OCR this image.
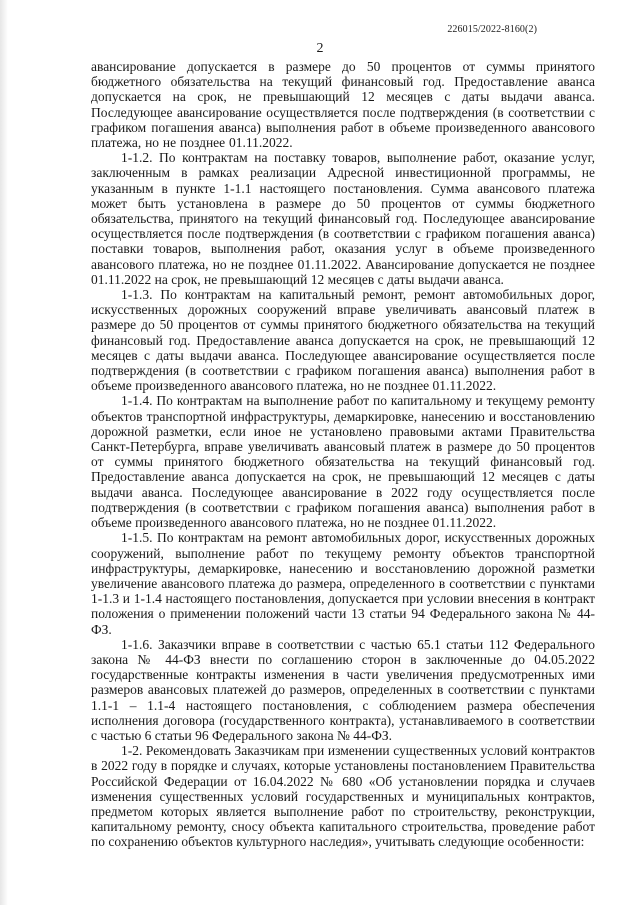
226015/2022-8160(2)
2

авансирование допускается в размере до 50 процентов от суммы принятого бюджетного обязательства на текущий финансовый год. Предоставление аванса допускается на срок, не превышающий 12 месяцев с даты выдачи аванса. Последующее авансирование осуществляется после подтверждения (в соответствии с графиком погашения аванса) выполнения работ в объеме произведенного авансового платежа, но не позднее 01.11.2022.

1-1.2. По контрактам на поставку товаров, выполнение работ, оказание услуг, заключенным в рамках реализации Адресной инвестиционной программы, не указанным в пункте 1-1.1 настоящего постановления. Сумма авансового платежа может быть установлена в размере до 50 процентов от суммы бюджетного обязательства, принятого на текущий финансовый год. Последующее авансирование осуществляется после подтверждения (в соответствии с графиком погашения аванса) поставки товаров, выполнения работ, оказания услуг в объеме произведенного авансового платежа, но не позднее 01.11.2022. Авансирование допускается не позднее 01.11.2022 на срок, не превышающий 12 месяцев с даты выдачи аванса.

1-1.3. По контрактам на капитальный ремонт, ремонт автомобильных дорог, искусственных дорожных сооружений вправе увеличивать авансовый платеж в размере до 50 процентов от суммы принятого бюджетного обязательства на текущий финансовый год. Предоставление аванса допускается на срок, не превышающий 12 месяцев с даты выдачи аванса. Последующее авансирование осуществляется после подтверждения (в соответствии с графиком погашения аванса) выполнения работ в объеме произведенного авансового платежа, но не позднее 01.11.2022.

1-1.4. По контрактам на выполнение работ по капитальному и текущему ремонту объектов транспортной инфраструктуры, демаркировке, нанесению и восстановлению дорожной разметки, если иное не установлено правовыми актами Правительства Санкт-Петербурга, вправе увеличивать авансовый платеж в размере до 50 процентов от суммы принятого бюджетного обязательства на текущий финансовый год. Предоставление аванса допускается на срок, не превышающий 12 месяцев с даты выдачи аванса. Последующее авансирование в 2022 году осуществляется после подтверждения (в соответствии с графиком погашения аванса) выполнения работ в объеме произведенного авансового платежа, но не позднее 01.11.2022.

1-1.5. По контрактам на ремонт автомобильных дорог, искусственных дорожных сооружений, выполнение работ по текущему ремонту объектов транспортной инфраструктуры, демаркировке, нанесению и восстановлению дорожной разметки увеличение авансового платежа до размера, определенного в соответствии с пунктами 1-1.3 и 1-1.4 настоящего постановления, допускается при условии внесения в контракт положения о применении положений части 13 статьи 94 Федерального закона № 44-ФЗ.

1-1.6. Заказчики вправе в соответствии с частью 65.1 статьи 112 Федерального закона № 44-ФЗ внести по соглашению сторон в заключенные до 04.05.2022 государственные контракты изменения в части увеличения предусмотренных ими размеров авансовых платежей до размеров, определенных в соответствии с пунктами 1.1-1 – 1.1-4 настоящего постановления, с соблюдением размера обеспечения исполнения договора (государственного контракта), устанавливаемого в соответствии с частью 6 статьи 96 Федерального закона № 44-ФЗ.

1-2. Рекомендовать Заказчикам при изменении существенных условий контрактов в 2022 году в порядке и случаях, которые установлены постановлением Правительства Российской Федерации от 16.04.2022 № 680 «Об установлении порядка и случаев изменения существенных условий государственных и муниципальных контрактов, предметом которых является выполнение работ по строительству, реконструкции, капитальному ремонту, сносу объекта капитального строительства, проведение работ по сохранению объектов культурного наследия», учитывать следующие особенности:
